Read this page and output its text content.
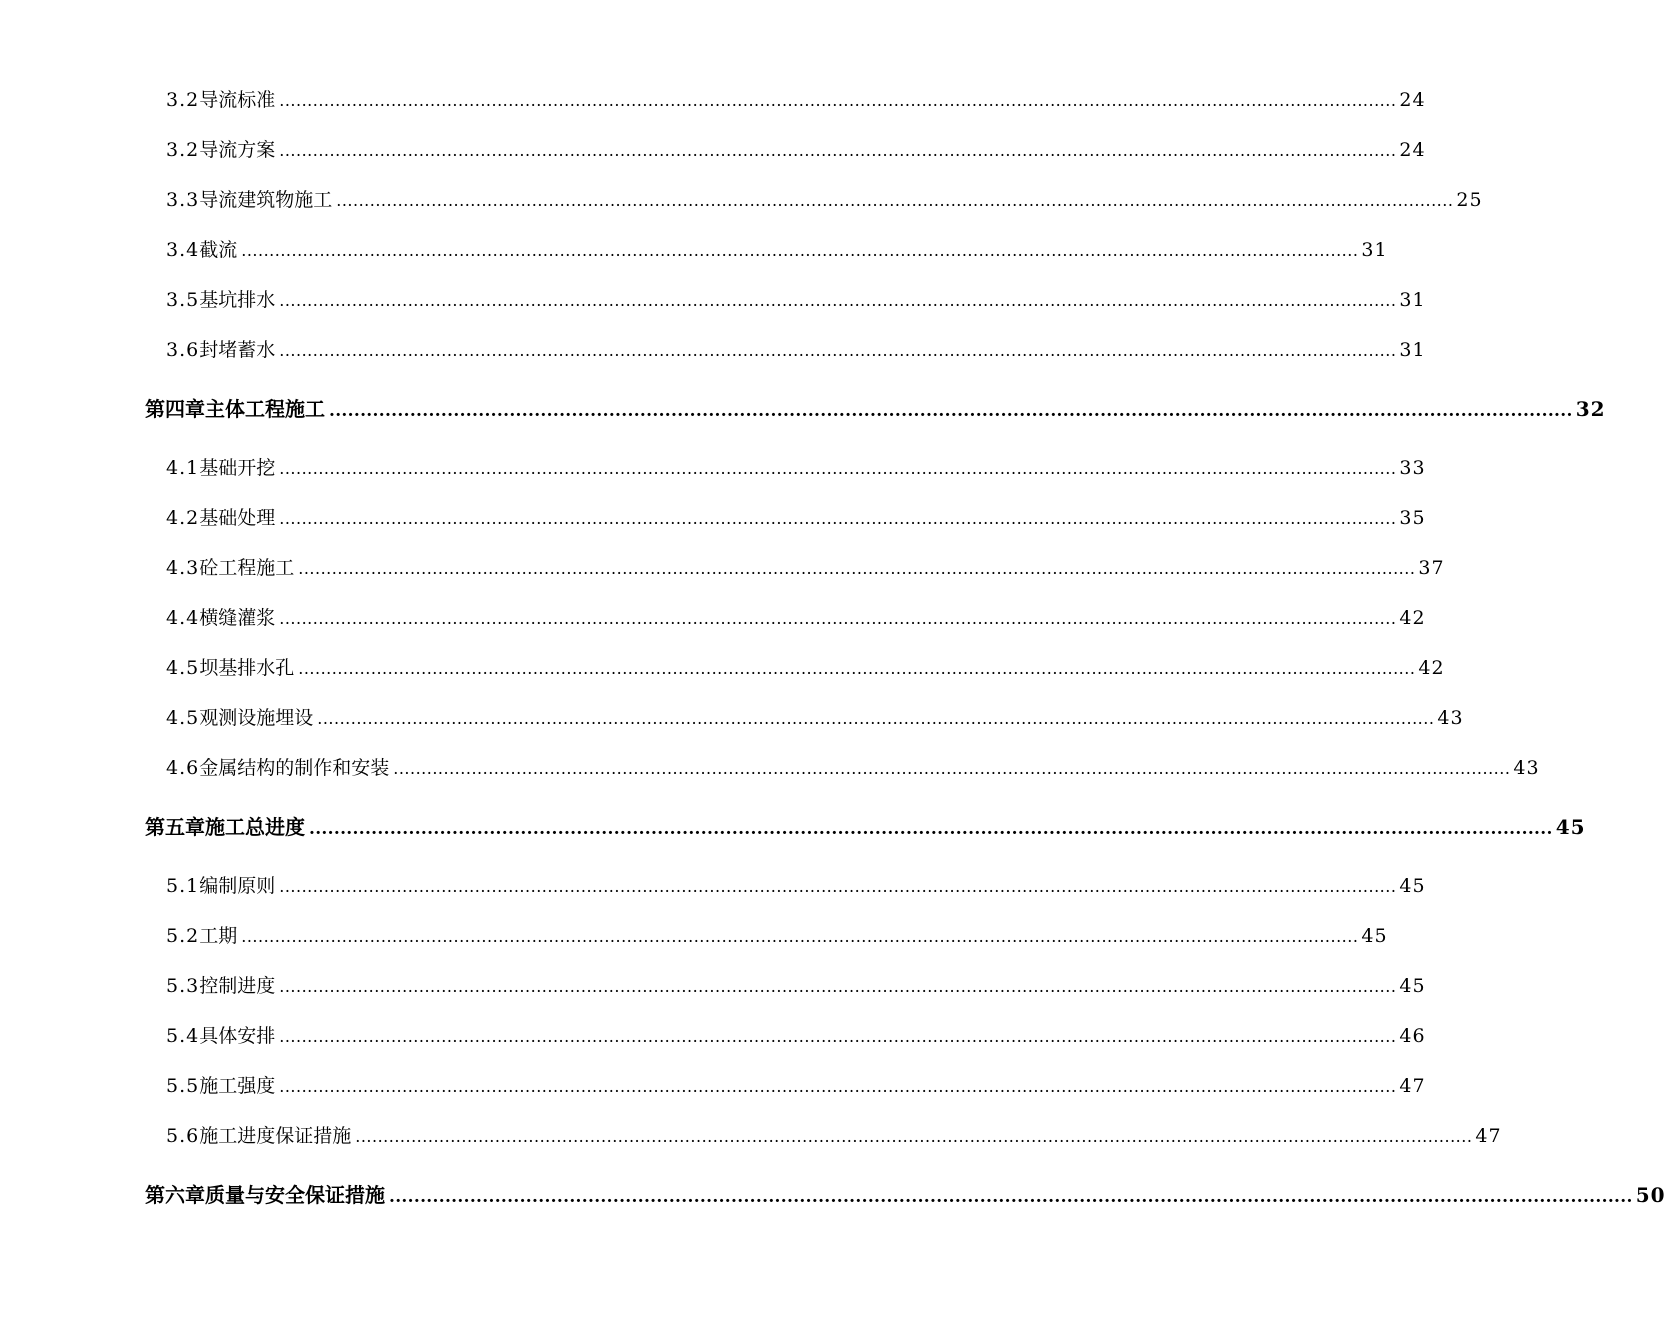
3.2 导流标准 ........................................................................................................................................................................................................ 24
3.2 导流方案 ........................................................................................................................................................................................................ 24
3.3 导流建筑物施工 ........................................................................................................................................................................................................ 25
3.4 截流 ........................................................................................................................................................................................................ 31
3.5 基坑排水 ........................................................................................................................................................................................................ 31
3.6 封堵蓄水 ........................................................................................................................................................................................................ 31
第四章 主体工程施工 ........................................................................................................................................................................................................ 32
4.1 基础开挖 ........................................................................................................................................................................................................ 33
4.2 基础处理 ........................................................................................................................................................................................................ 35
4.3 砼工程施工 ........................................................................................................................................................................................................ 37
4.4 横缝灌浆 ........................................................................................................................................................................................................ 42
4.5 坝基排水孔 ........................................................................................................................................................................................................ 42
4.5 观测设施埋设 ........................................................................................................................................................................................................ 43
4.6 金属结构的制作和安装 ........................................................................................................................................................................................................ 43
第五章 施工总进度 ........................................................................................................................................................................................................ 45
5.1 编制原则 ........................................................................................................................................................................................................ 45
5.2 工期 ........................................................................................................................................................................................................ 45
5.3 控制进度 ........................................................................................................................................................................................................ 45
5.4 具体安排 ........................................................................................................................................................................................................ 46
5.5 施工强度 ........................................................................................................................................................................................................ 47
5.6 施工进度保证措施 ........................................................................................................................................................................................................ 47
第六章 质量与安全保证措施 ........................................................................................................................................................................................................ 50
